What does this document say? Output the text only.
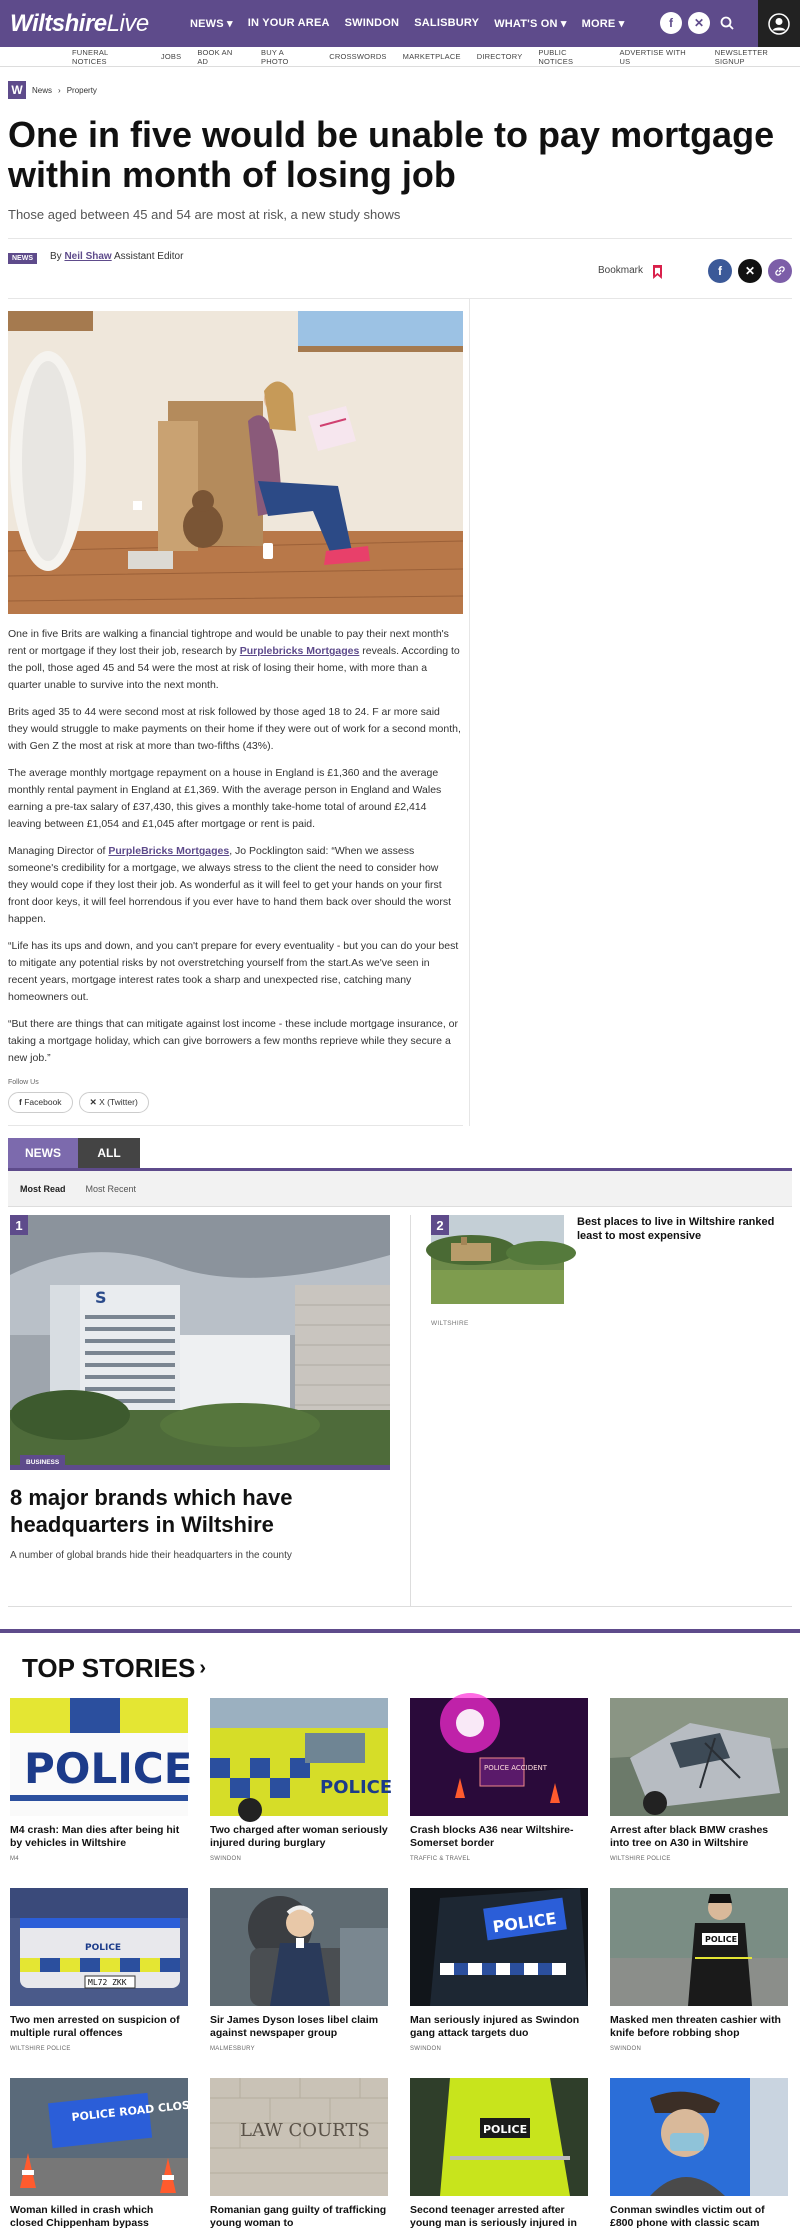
WiltshireLive	NEWS ▾ IN YOUR AREA SWINDON SALISBURY WHAT'S ON ▾ MORE ▾	f	✕
FUNERAL NOTICES	JOBS BOOK AN AD
BUY A PHOTO	CROSSWORDS MARKETPLACE DIRECTORY PUBLIC NOTICES
ADVERTISE WITH US
NEWSLETTER SIGNUP
W	News › Property
One in five would be unable to pay mortgage within month of losing job

Those aged between 45 and 54 are most at risk, a new study shows

NEWS	By Neil Shaw Assistant Editor
Bookmark	f	✕

One in five Brits are walking a financial tightrope and would be unable to pay their next month's rent or mortgage if they lost their job, research by Purplebricks Mortgages reveals. According to the poll, those aged 45 and 54 were the most at risk of losing their home, with more than a quarter unable to survive into the next month.

Brits aged 35 to 44 were second most at risk followed by those aged 18 to 24. F ar more said they would struggle to make payments on their home if they were out of work for a second month, with Gen Z the most at risk at more than two-fifths (43%).

The average monthly mortgage repayment on a house in England is £1,360 and the average monthly rental payment in England at £1,369. With the average person in England and Wales earning a pre-tax salary of £37,430, this gives a monthly take-home total of around £2,414 leaving between £1,054 and £1,045 after mortgage or rent is paid.

Managing Director of PurpleBricks Mortgages, Jo Pocklington said: “When we assess someone's credibility for a mortgage, we always stress to the client the need to consider how they would cope if they lost their job. As wonderful as it will feel to get your hands on your first front door keys, it will feel horrendous if you ever have to hand them back over should the worst happen.

“Life has its ups and down, and you can't prepare for every eventuality - but you can do your best to mitigate any potential risks by not overstretching yourself from the start.As we've seen in recent years, mortgage interest rates took a sharp and unexpected rise, catching many homeowners out.

“But there are things that can mitigate against lost income - these include mortgage insurance, or taking a mortgage holiday, which can give borrowers a few months reprieve while they secure a new job.”

Follow Us
f Facebook	✕ X (Twitter)
NEWS	ALL
Most Read Most Recent
1
S
BUSINESS
8 major brands which have headquarters in Wiltshire

A number of global brands hide their headquarters in the county

2	Best places to live in Wiltshire ranked least to most expensive
WILTSHIRE
TOP STORIES ›
POLICE
M4 crash: Man dies after being hit by vehicles in Wiltshire
M4
POLICE
Two charged after woman seriously injured during burglary
SWINDON
POLICE ACCIDENT
Crash blocks A36 near Wiltshire-Somerset border
TRAFFIC & TRAVEL
Arrest after black BMW crashes into tree on A30 in Wiltshire
WILTSHIRE POLICE
POLICE
ML72 ZKK
Two men arrested on suspicion of multiple rural offences
WILTSHIRE POLICE
Sir James Dyson loses libel claim against newspaper group
MALMESBURY
POLICE
Man seriously injured as Swindon gang attack targets duo
SWINDON
POLICE
Masked men threaten cashier with knife before robbing shop
SWINDON
POLICE ROAD CLOSED
Woman killed in crash which closed Chippenham bypass
LAW COURTS
Romanian gang guilty of trafficking young woman to
POLICE
Second teenager arrested after young man is seriously injured in
Conman swindles victim out of £800 phone with classic scam
